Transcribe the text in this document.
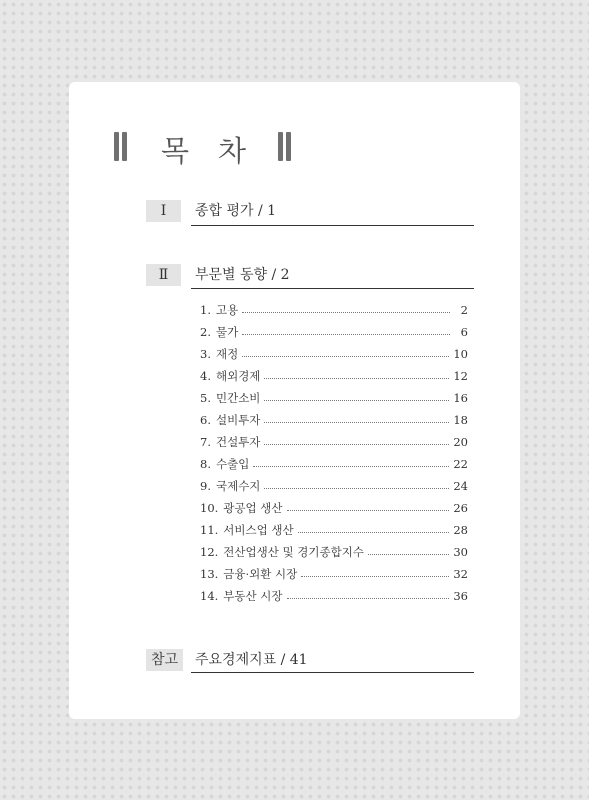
목 차
Ⅰ	종합 평가 / 1
Ⅱ	부문별 동향 / 2
1. 고용	2
2. 물가	6
3. 재정	10
4. 해외경제	12
5. 민간소비	16
6. 설비투자	18
7. 건설투자	20
8. 수출입	22
9. 국제수지	24
10. 광공업 생산	26
11. 서비스업 생산	28
12. 전산업생산 및 경기종합지수	30
13. 금융·외환 시장	32
14. 부동산 시장	36
참고	주요경제지표 / 41
